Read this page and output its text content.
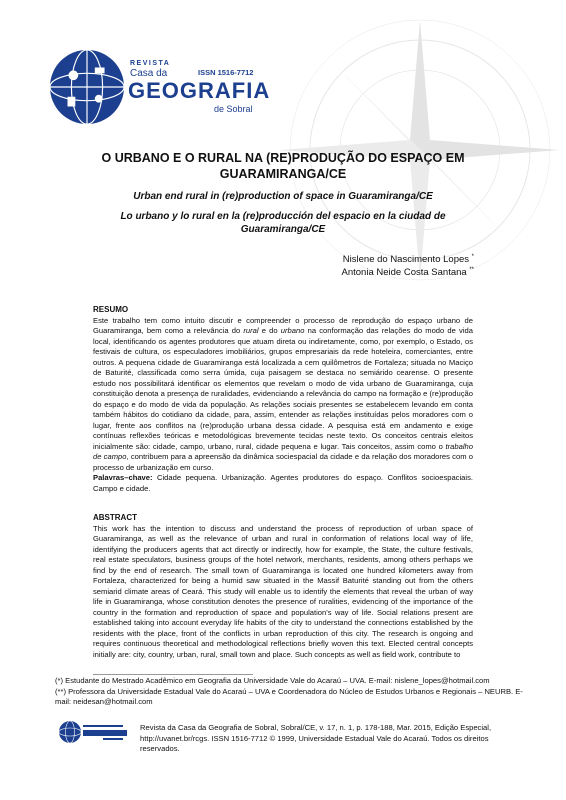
REVISTA
Casa da	ISSN 1516-7712
GEOGRAFIA
de Sobral
O URBANO E O RURAL NA (RE)PRODUÇÃO DO ESPAÇO EM GUARAMIRANGA/CE
Urban end rural in (re)production of space in Guaramiranga/CE
Lo urbano y lo rural en la (re)producción del espacio en la ciudad de Guaramiranga/CE
Nislene do Nascimento Lopes *
Antonia Neide Costa Santana **
RESUMO
Este trabalho tem como intuito discutir e compreender o processo de reprodução do espaço urbano de Guaramiranga, bem como a relevância do rural e do urbano na conformação das relações do modo de vida local, identificando os agentes produtores que atuam direta ou indiretamente, como, por exemplo, o Estado, os festivais de cultura, os especuladores imobiliários, grupos empresariais da rede hoteleira, comerciantes, entre outros. A pequena cidade de Guaramiranga está localizada a cem quilômetros de Fortaleza; situada no Maciço de Baturité, classificada como serra úmida, cuja paisagem se destaca no semiárido cearense. O presente estudo nos possibilitará identificar os elementos que revelam o modo de vida urbano de Guaramiranga, cuja constituição denota a presença de ruralidades, evidenciando a relevância do campo na formação e (re)produção do espaço e do modo de vida da população. As relações sociais presentes se estabelecem levando em conta também hábitos do cotidiano da cidade, para, assim, entender as relações instituídas pelos moradores com o lugar, frente aos conflitos na (re)produção urbana dessa cidade. A pesquisa está em andamento e exige contínuas reflexões teóricas e metodológicas brevemente tecidas neste texto. Os conceitos centrais eleitos inicialmente são: cidade, campo, urbano, rural, cidade pequena e lugar. Tais conceitos, assim como o trabalho de campo, contribuem para a apreensão da dinâmica sociespacial da cidade e da relação dos moradores com o processo de urbanização em curso.
Palavras–chave: Cidade pequena. Urbanização. Agentes produtores do espaço. Conflitos socioespaciais. Campo e cidade.
ABSTRACT
This work has the intention to discuss and understand the process of reproduction of urban space of Guaramiranga, as well as the relevance of urban and rural in conformation of relations local way of life, identifying the producers agents that act directly or indirectly, how for example, the State, the culture festivals, real estate speculators, business groups of the hotel network, merchants, residents, among others perhaps we find by the end of research. The small town of Guaramiranga is located one hundred kilometers away from Fortaleza, characterized for being a humid saw situated in the Massif Baturité standing out from the others semiarid climate areas of Ceará. This study will enable us to identify the elements that reveal the urban of way life in Guaramiranga, whose constitution denotes the presence of ruralities, evidencing of the importance of the country in the formation and reproduction of space and population's way of life. Social relations present are established taking into account everyday life habits of the city to understand the connections established by the residents with the place, front of the conflicts in urban reproduction of this city. The research is ongoing and requires continuous theoretical and methodological reflections briefly woven this text. Elected central concepts initially are: city, country, urban, rural, small town and place. Such concepts as well as field work, contribute to
(*) Estudante do Mestrado Acadêmico em Geografia da Universidade Vale do Acaraú – UVA. E-mail: nislene_lopes@hotmail.com
(**) Professora da Universidade Estadual Vale do Acaraú – UVA e Coordenadora do Núcleo de Estudos Urbanos e Regionais – NEURB. E-mail: neidesan@hotmail.com
Revista da Casa da Geografia de Sobral, Sobral/CE, v. 17, n. 1, p. 178-188, Mar. 2015, Edição Especial, http://uvanet.br/rcgs. ISSN 1516-7712 © 1999, Universidade Estadual Vale do Acaraú. Todos os direitos reservados.
